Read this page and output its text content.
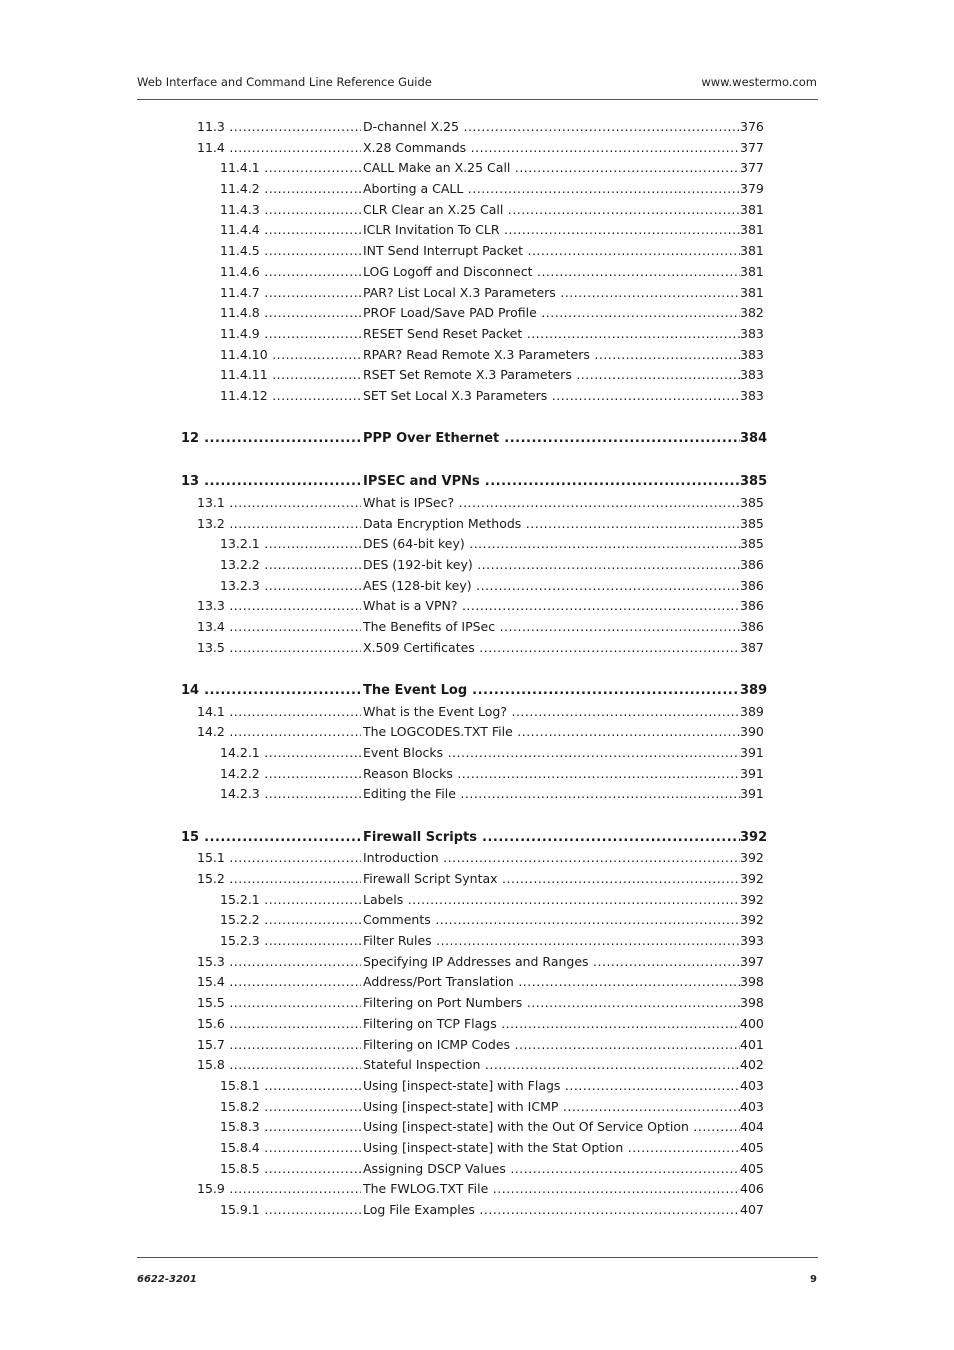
Web Interface and Command Line Reference Guide	www.westermo.com
11.3 .....	D-channel X.25 .....	376
11.4 .....	X.28 Commands .....	377
11.4.1 .....	CALL Make an X.25 Call .....	377
11.4.2 .....	Aborting a CALL .....	379
11.4.3 .....	CLR Clear an X.25 Call .....	381
11.4.4 .....	ICLR Invitation To CLR .....	381
11.4.5 .....	INT Send Interrupt Packet .....	381
11.4.6 .....	LOG Logoff and Disconnect .....	381
11.4.7 .....	PAR? List Local X.3 Parameters .....	381
11.4.8 .....	PROF Load/Save PAD Profile .....	382
11.4.9 .....	RESET Send Reset Packet .....	383
11.4.10 .....	RPAR? Read Remote X.3 Parameters .....	383
11.4.11 .....	RSET Set Remote X.3 Parameters .....	383
11.4.12 .....	SET Set Local X.3 Parameters .....	383
12 .....	PPP Over Ethernet .....	384
13 .....	IPSEC and VPNs .....	385
13.1 .....	What is IPSec? .....	385
13.2 .....	Data Encryption Methods .....	385
13.2.1 .....	DES (64-bit key) .....	385
13.2.2 .....	DES (192-bit key) .....	386
13.2.3 .....	AES (128-bit key) .....	386
13.3 .....	What is a VPN? .....	386
13.4 .....	The Benefits of IPSec .....	386
13.5 .....	X.509 Certificates .....	387
14 .....	The Event Log .....	389
14.1 .....	What is the Event Log? .....	389
14.2 .....	The LOGCODES.TXT File .....	390
14.2.1 .....	Event Blocks .....	391
14.2.2 .....	Reason Blocks .....	391
14.2.3 .....	Editing the File .....	391
15 .....	Firewall Scripts .....	392
15.1 .....	Introduction .....	392
15.2 .....	Firewall Script Syntax .....	392
15.2.1 .....	Labels .....	392
15.2.2 .....	Comments .....	392
15.2.3 .....	Filter Rules .....	393
15.3 .....	Specifying IP Addresses and Ranges .....	397
15.4 .....	Address/Port Translation .....	398
15.5 .....	Filtering on Port Numbers .....	398
15.6 .....	Filtering on TCP Flags .....	400
15.7 .....	Filtering on ICMP Codes .....	401
15.8 .....	Stateful Inspection .....	402
15.8.1 .....	Using [inspect-state] with Flags .....	403
15.8.2 .....	Using [inspect-state] with ICMP .....	403
15.8.3 .....	Using [inspect-state] with the Out Of Service Option .....	404
15.8.4 .....	Using [inspect-state] with the Stat Option .....	405
15.8.5 .....	Assigning DSCP Values .....	405
15.9 .....	The FWLOG.TXT File .....	406
15.9.1 .....	Log File Examples .....	407
6622-3201	9
